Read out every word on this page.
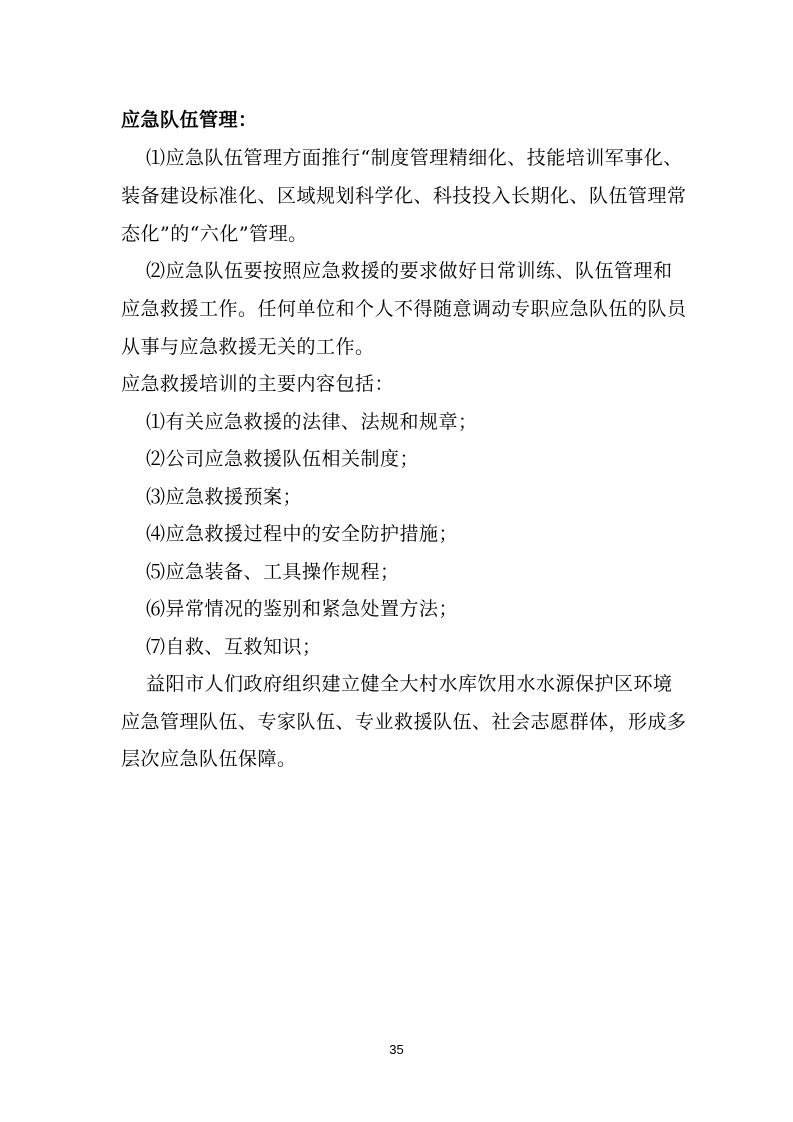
应急队伍管理：
⑴应急队伍管理方面推行“制度管理精细化、技能培训军事化、
装备建设标准化、区域规划科学化、科技投入长期化、队伍管理常
态化”的“六化”管理。
⑵应急队伍要按照应急救援的要求做好日常训练、队伍管理和
应急救援工作。任何单位和个人不得随意调动专职应急队伍的队员
从事与应急救援无关的工作。
应急救援培训的主要内容包括：
⑴有关应急救援的法律、法规和规章；
⑵公司应急救援队伍相关制度；
⑶应急救援预案；
⑷应急救援过程中的安全防护措施；
⑸应急装备、工具操作规程；
⑹异常情况的鉴别和紧急处置方法；
⑺自救、互救知识；
益阳市人们政府组织建立健全大村水库饮用水水源保护区环境
应急管理队伍、专家队伍、专业救援队伍、社会志愿群体，形成多
层次应急队伍保障。
35
